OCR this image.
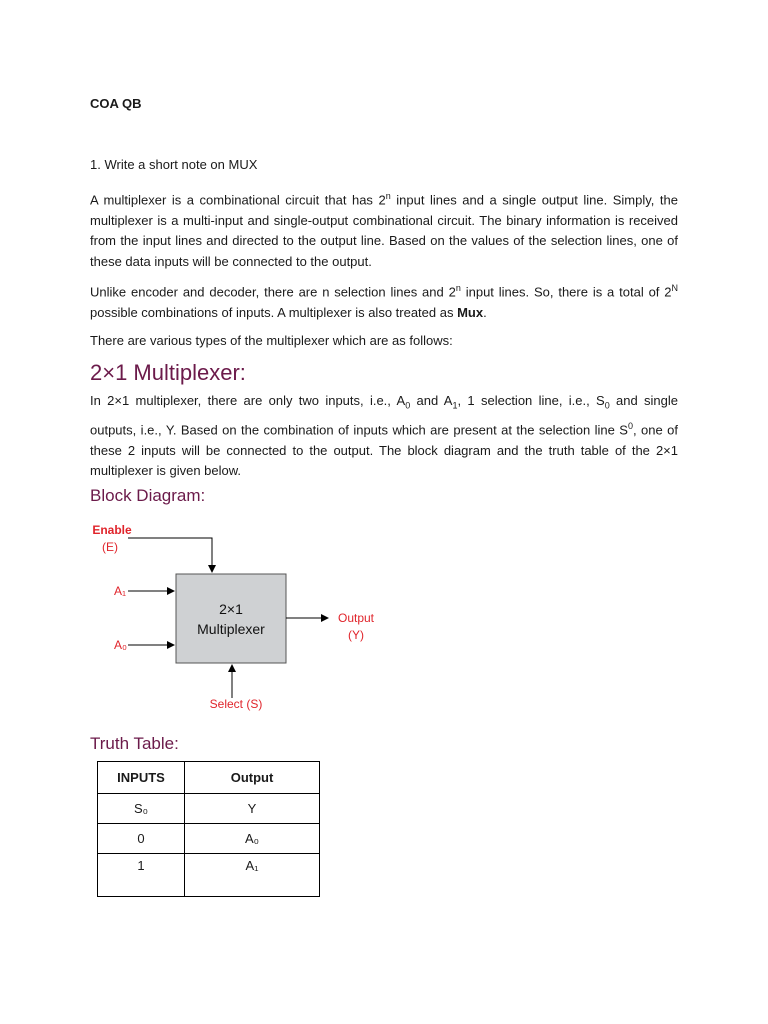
COA QB
1. Write a short note on MUX

A multiplexer is a combinational circuit that has 2$^n$ input lines and a single output line. Simply, the multiplexer is a multi-input and single-output combinational circuit. The binary information is received from the input lines and directed to the output line. Based on the values of the selection lines, one of these data inputs will be connected to the output.

Unlike encoder and decoder, there are n selection lines and 2$^n$ input lines. So, there is a total of $2^N$ possible combinations of inputs. A multiplexer is also treated as Mux.

There are various types of the multiplexer which are as follows:

2×1 Multiplexer:

In 2×1 multiplexer, there are only two inputs, i.e., $A_0$ and $A_1$, 1 selection line, i.e., $S_0$ and single outputs, i.e., Y. Based on the combination of inputs which are present at the selection line $S^0$, one of these 2 inputs will be connected to the output. The block diagram and the truth table of the 2×1 multiplexer is given below.

Block Diagram:
2×1
Multiplexer
Enable
(E)
A₁
A₀
Output
(Y)
Select (S)
Truth Table:
INPUTS	Output
S₀	Y
0	A₀
1	A₁
